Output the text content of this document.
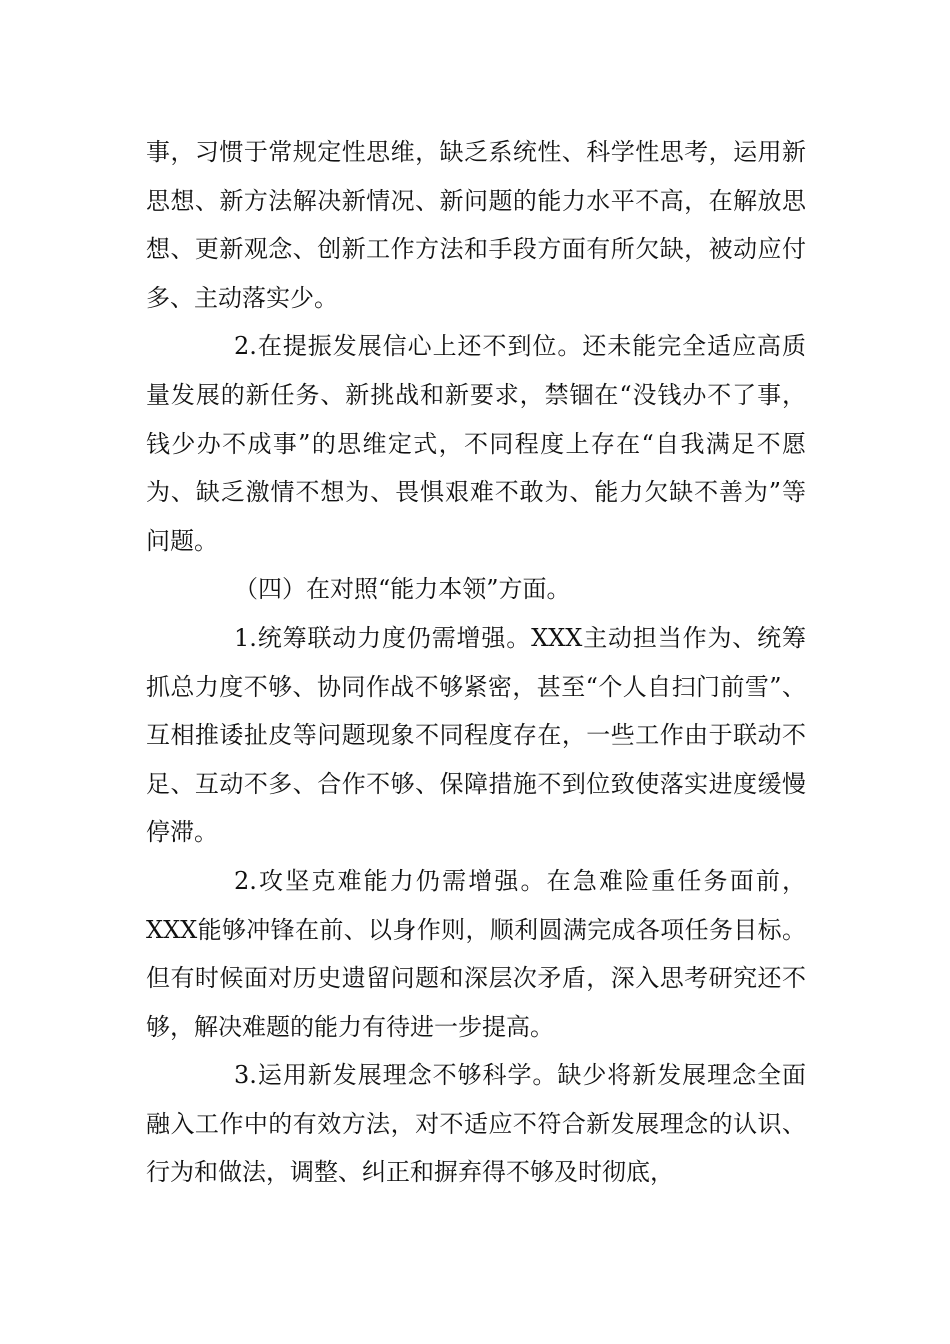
事，习惯于常规定性思维，缺乏系统性、科学性思考，运用新思想、新方法解决新情况、新问题的能力水平不高，在解放思想、更新观念、创新工作方法和手段方面有所欠缺，被动应付多、主动落实少。

2.在提振发展信心上还不到位。还未能完全适应高质量发展的新任务、新挑战和新要求，禁锢在“没钱办不了事，钱少办不成事”的思维定式，不同程度上存在“自我满足不愿为、缺乏激情不想为、畏惧艰难不敢为、能力欠缺不善为”等问题。

（四）在对照“能力本领”方面。

1.统筹联动力度仍需增强。XXX主动担当作为、统筹抓总力度不够、协同作战不够紧密，甚至“个人自扫门前雪”、互相推诿扯皮等问题现象不同程度存在，一些工作由于联动不足、互动不多、合作不够、保障措施不到位致使落实进度缓慢停滞。

2.攻坚克难能力仍需增强。在急难险重任务面前，XXX能够冲锋在前、以身作则，顺利圆满完成各项任务目标。但有时候面对历史遗留问题和深层次矛盾，深入思考研究还不够，解决难题的能力有待进一步提高。

3.运用新发展理念不够科学。缺少将新发展理念全面融入工作中的有效方法，对不适应不符合新发展理念的认识、行为和做法，调整、纠正和摒弃得不够及时彻底，
